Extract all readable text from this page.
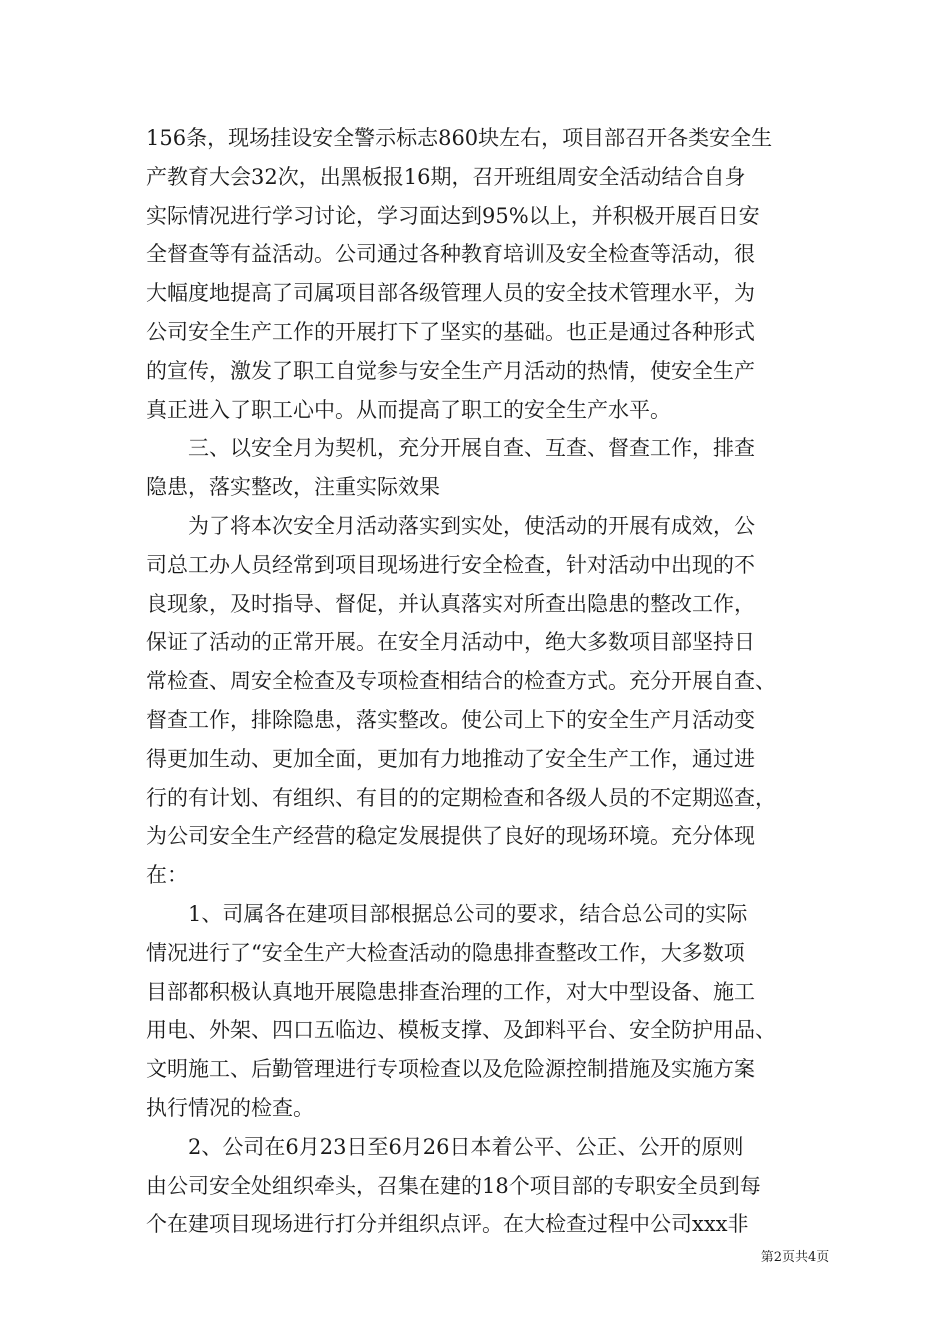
156条，现场挂设安全警示标志860块左右，项目部召开各类安全生
产教育大会32次，出黑板报16期，召开班组周安全活动结合自身
实际情况进行学习讨论，学习面达到95%以上，并积极开展百日安
全督查等有益活动。公司通过各种教育培训及安全检查等活动，很
大幅度地提高了司属项目部各级管理人员的安全技术管理水平，为
公司安全生产工作的开展打下了坚实的基础。也正是通过各种形式
的宣传，激发了职工自觉参与安全生产月活动的热情，使安全生产
真正进入了职工心中。从而提高了职工的安全生产水平。
　　三、以安全月为契机，充分开展自查、互查、督查工作，排查
隐患，落实整改，注重实际效果
　　为了将本次安全月活动落实到实处，使活动的开展有成效，公
司总工办人员经常到项目现场进行安全检查，针对活动中出现的不
良现象，及时指导、督促，并认真落实对所查出隐患的整改工作，
保证了活动的正常开展。在安全月活动中，绝大多数项目部坚持日
常检查、周安全检查及专项检查相结合的检查方式。充分开展自查、
督查工作，排除隐患，落实整改。使公司上下的安全生产月活动变
得更加生动、更加全面，更加有力地推动了安全生产工作，通过进
行的有计划、有组织、有目的的定期检查和各级人员的不定期巡查，
为公司安全生产经营的稳定发展提供了良好的现场环境。充分体现
在：
　　1、司属各在建项目部根据总公司的要求，结合总公司的实际
情况进行了“安全生产大检查活动的隐患排查整改工作，大多数项
目部都积极认真地开展隐患排查治理的工作，对大中型设备、施工
用电、外架、四口五临边、模板支撑、及卸料平台、安全防护用品、
文明施工、后勤管理进行专项检查以及危险源控制措施及实施方案
执行情况的检查。
　　2、公司在6月23日至6月26日本着公平、公正、公开的原则
由公司安全处组织牵头，召集在建的18个项目部的专职安全员到每
个在建项目现场进行打分并组织点评。在大检查过程中公司xxx非
第2页共4页
